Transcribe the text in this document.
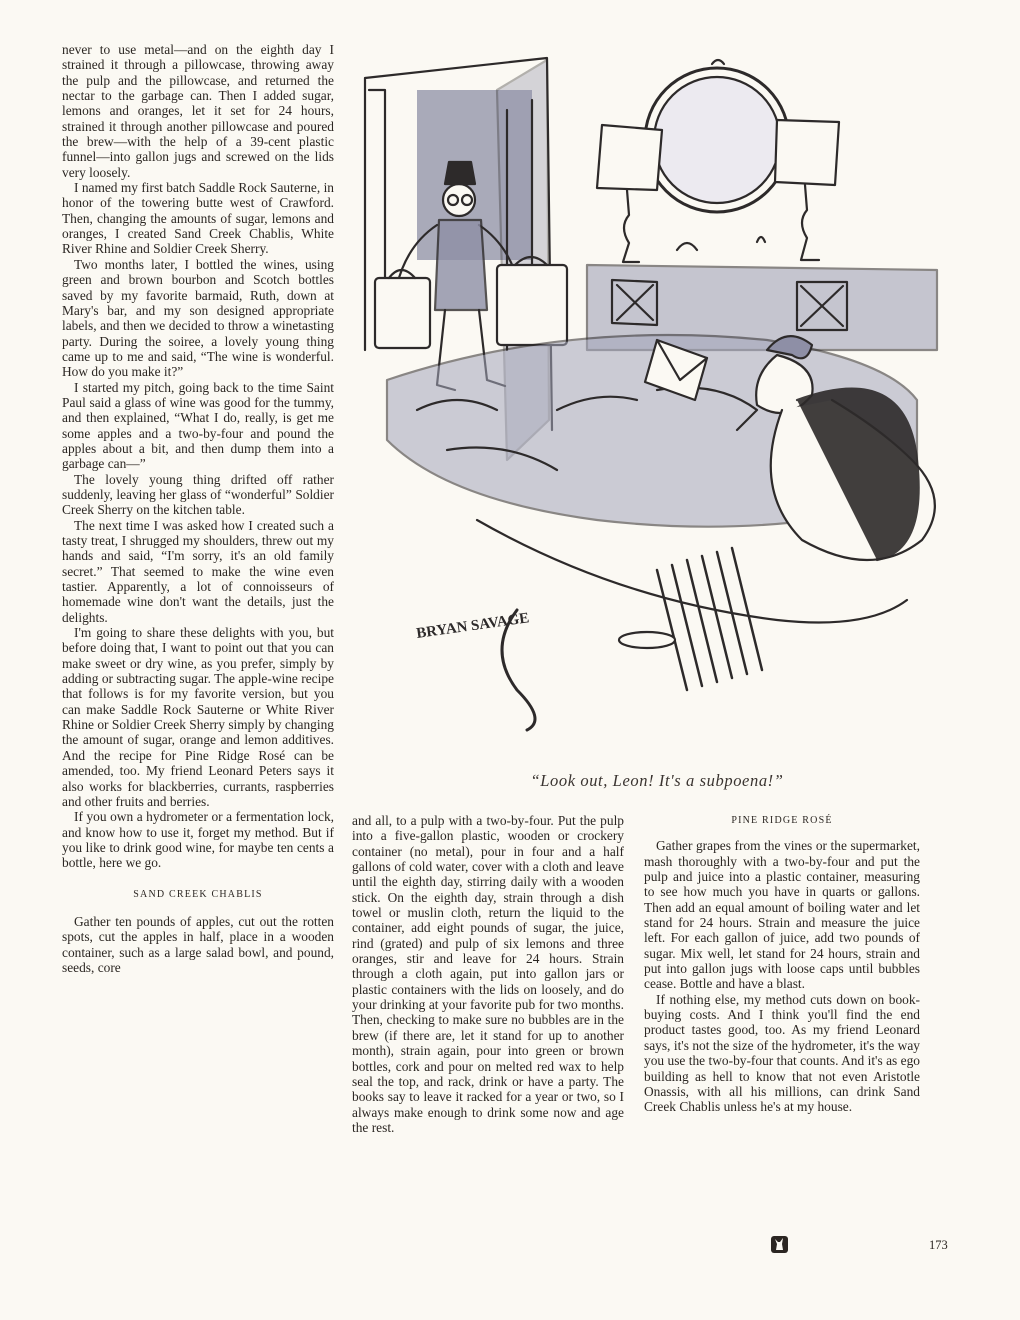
never to use metal—and on the eighth day I strained it through a pillowcase, throwing away the pulp and the pillowcase, and returned the nectar to the garbage can. Then I added sugar, lemons and oranges, let it set for 24 hours, strained it through another pillowcase and poured the brew—with the help of a 39-cent plastic funnel—into gallon jugs and screwed on the lids very loosely.

I named my first batch Saddle Rock Sauterne, in honor of the towering butte west of Crawford. Then, changing the amounts of sugar, lemons and oranges, I created Sand Creek Chablis, White River Rhine and Soldier Creek Sherry.

Two months later, I bottled the wines, using green and brown bourbon and Scotch bottles saved by my favorite barmaid, Ruth, down at Mary's bar, and my son designed appropriate labels, and then we decided to throw a winetasting party. During the soiree, a lovely young thing came up to me and said, “The wine is wonderful. How do you make it?”

I started my pitch, going back to the time Saint Paul said a glass of wine was good for the tummy, and then explained, “What I do, really, is get me some apples and a two-by-four and pound the apples about a bit, and then dump them into a garbage can—”

The lovely young thing drifted off rather suddenly, leaving her glass of “wonderful” Soldier Creek Sherry on the kitchen table.

The next time I was asked how I created such a tasty treat, I shrugged my shoulders, threw out my hands and said, “I'm sorry, it's an old family secret.” That seemed to make the wine even tastier. Apparently, a lot of connoisseurs of homemade wine don't want the details, just the delights.

I'm going to share these delights with you, but before doing that, I want to point out that you can make sweet or dry wine, as you prefer, simply by adding or subtracting sugar. The apple-wine recipe that follows is for my favorite version, but you can make Saddle Rock Sauterne or White River Rhine or Soldier Creek Sherry simply by changing the amount of sugar, orange and lemon additives. And the recipe for Pine Ridge Rosé can be amended, too. My friend Leonard Peters says it also works for blackberries, currants, raspberries and other fruits and berries.

If you own a hydrometer or a fermentation lock, and know how to use it, forget my method. But if you like to drink good wine, for maybe ten cents a bottle, here we go.

SAND CREEK CHABLIS

Gather ten pounds of apples, cut out the rotten spots, cut the apples in half, place in a wooden container, such as a large salad bowl, and pound, seeds, core

and all, to a pulp with a two-by-four. Put the pulp into a five-gallon plastic, wooden or crockery container (no metal), pour in four and a half gallons of cold water, cover with a cloth and leave until the eighth day, stirring daily with a wooden stick. On the eighth day, strain through a dish towel or muslin cloth, return the liquid to the container, add eight pounds of sugar, the juice, rind (grated) and pulp of six lemons and three oranges, stir and leave for 24 hours. Strain through a cloth again, put into gallon jars or plastic containers with the lids on loosely, and do your drinking at your favorite pub for two months. Then, checking to make sure no bubbles are in the brew (if there are, let it stand for up to another month), strain again, pour into green or brown bottles, cork and pour on melted red wax to help seal the top, and rack, drink or have a party. The books say to leave it racked for a year or two, so I always make enough to drink some now and age the rest.

PINE RIDGE ROSÉ

Gather grapes from the vines or the supermarket, mash thoroughly with a two-by-four and put the pulp and juice into a plastic container, measuring to see how much you have in quarts or gallons. Then add an equal amount of boiling water and let stand for 24 hours. Strain and measure the juice left. For each gallon of juice, add two pounds of sugar. Mix well, let stand for 24 hours, strain and put into gallon jugs with loose caps until bubbles cease. Bottle and have a blast.

If nothing else, my method cuts down on book-buying costs. And I think you'll find the end product tastes good, too. As my friend Leonard says, it's not the size of the hydrometer, it's the way you use the two-by-four that counts. And it's as ego building as hell to know that not even Aristotle Onassis, with all his millions, can drink Sand Creek Chablis unless he's at my house.

BRYAN SAVAGE
“Look out, Leon! It's a subpoena!”
173
